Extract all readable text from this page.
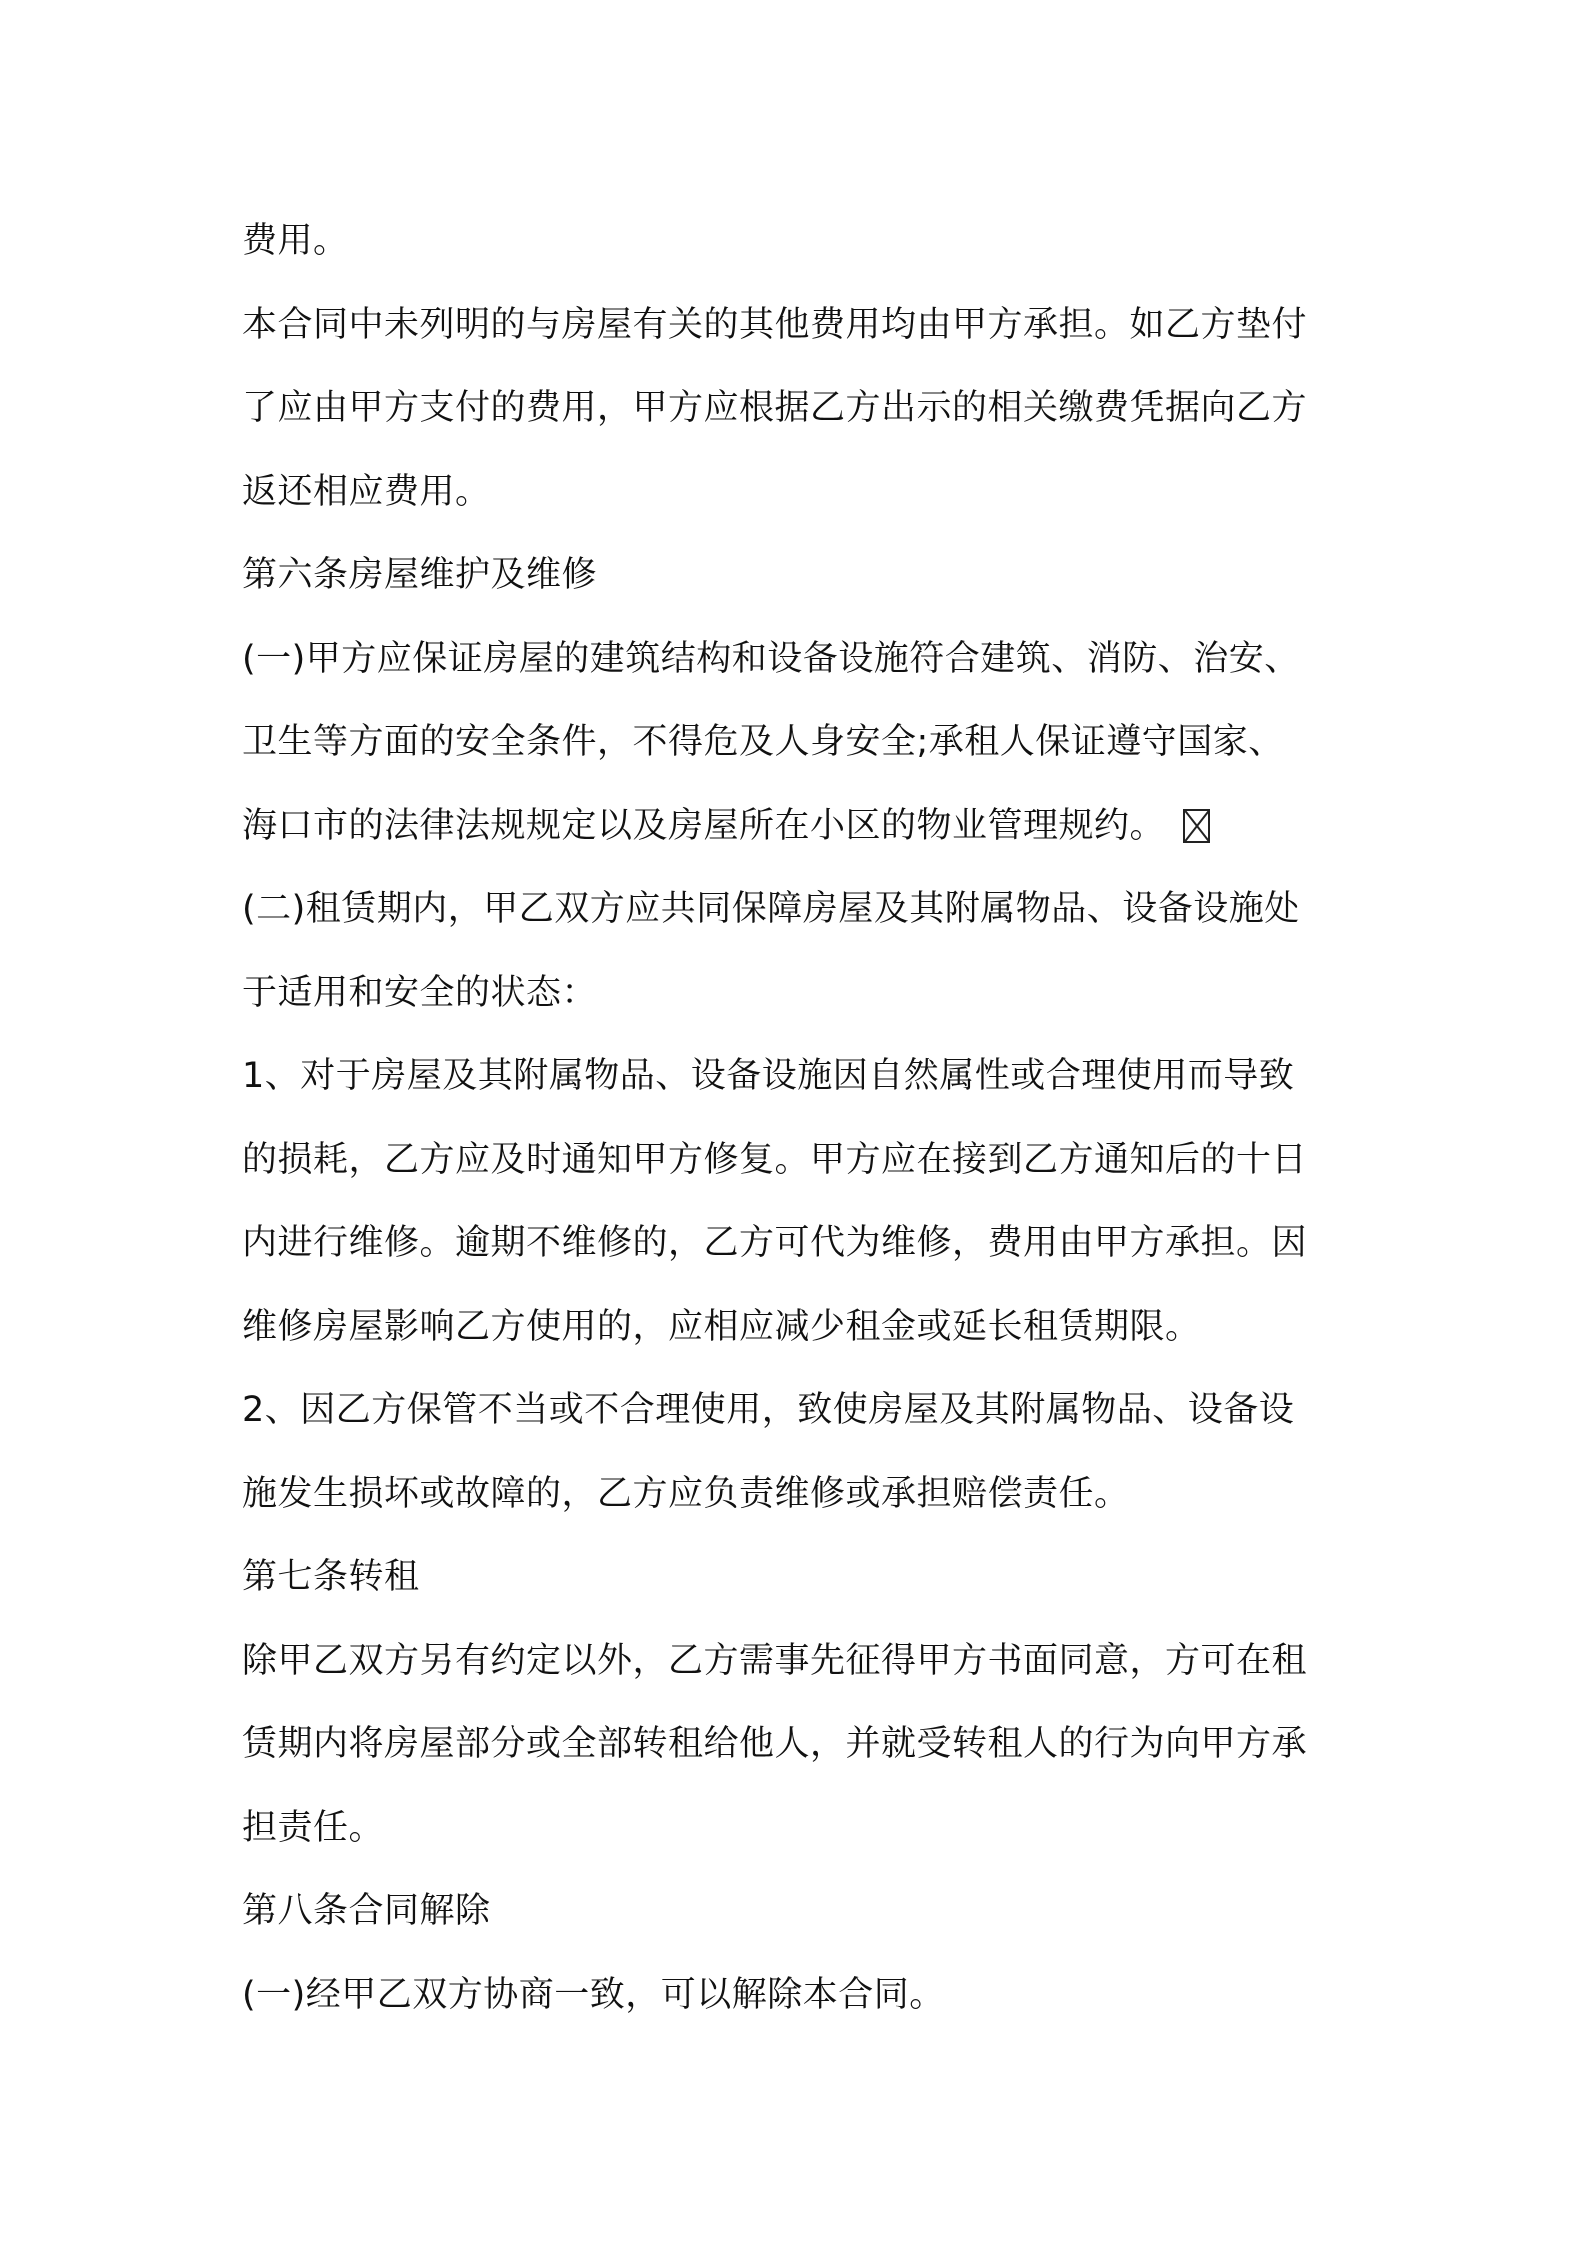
费用。
本合同中未列明的与房屋有关的其他费用均由甲方承担。如乙方垫付
了应由甲方支付的费用，甲方应根据乙方出示的相关缴费凭据向乙方
返还相应费用。
第六条房屋维护及维修
(一)甲方应保证房屋的建筑结构和设备设施符合建筑、消防、治安、
卫生等方面的安全条件，不得危及人身安全;承租人保证遵守国家、
海口市的法律法规规定以及房屋所在小区的物业管理规约。
(二)租赁期内，甲乙双方应共同保障房屋及其附属物品、设备设施处
于适用和安全的状态：
1、对于房屋及其附属物品、设备设施因自然属性或合理使用而导致
的损耗，乙方应及时通知甲方修复。甲方应在接到乙方通知后的十日
内进行维修。逾期不维修的，乙方可代为维修，费用由甲方承担。因
维修房屋影响乙方使用的，应相应减少租金或延长租赁期限。
2、因乙方保管不当或不合理使用，致使房屋及其附属物品、设备设
施发生损坏或故障的，乙方应负责维修或承担赔偿责任。
第七条转租
除甲乙双方另有约定以外，乙方需事先征得甲方书面同意，方可在租
赁期内将房屋部分或全部转租给他人，并就受转租人的行为向甲方承
担责任。
第八条合同解除
(一)经甲乙双方协商一致，可以解除本合同。
